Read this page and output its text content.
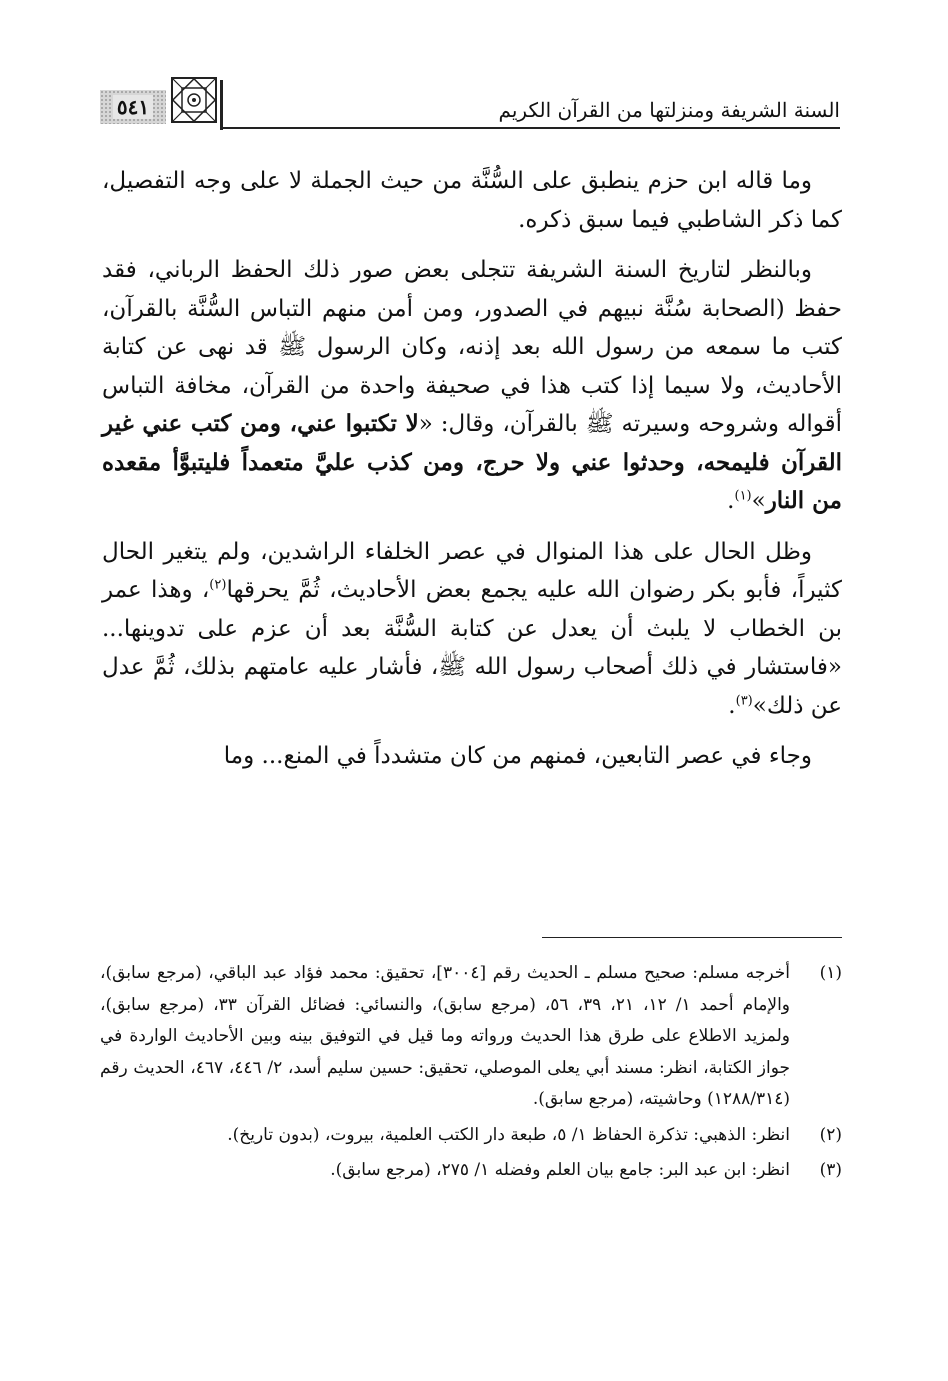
السنة الشريفة ومنزلتها من القرآن الكريم
٥٤١

وما قاله ابن حزم ينطبق على السُّنَّة من حيث الجملة لا على وجه التفصيل، كما ذكر الشاطبي فيما سبق ذكره.

وبالنظر لتاريخ السنة الشريفة تتجلى بعض صور ذلك الحفظ الرباني، فقد حفظ (الصحابة سُنَّة نبيهم في الصدور، ومن أمن منهم التباس السُّنَّة بالقرآن، كتب ما سمعه من رسول الله بعد إذنه، وكان الرسول ﷺ قد نهى عن كتابة الأحاديث، ولا سيما إذا كتب هذا في صحيفة واحدة من القرآن، مخافة التباس أقواله وشروحه وسيرته ﷺ بالقرآن، وقال: «لا تكتبوا عني، ومن كتب عني غير القرآن فليمحه، وحدثوا عني ولا حرج، ومن كذب عليَّ متعمداً فليتبوَّأ مقعده من النار»$^{(١)}$.

وظل الحال على هذا المنوال في عصر الخلفاء الراشدين، ولم يتغير الحال كثيراً، فأبو بكر رضوان الله عليه يجمع بعض الأحاديث، ثُمَّ يحرقها$^{(٢)}$، وهذا عمر بن الخطاب لا يلبث أن يعدل عن كتابة السُّنَّة بعد أن عزم على تدوينها... «فاستشار في ذلك أصحاب رسول الله ﷺ، فأشار عليه عامتهم بذلك، ثُمَّ عدل عن ذلك»$^{(٣)}$.

وجاء في عصر التابعين، فمنهم من كان متشدداً في المنع... وما

(١)
أخرجه مسلم: صحيح مسلم ـ الحديث رقم [٣٠٠٤]، تحقيق: محمد فؤاد عبد الباقي، (مرجع سابق)، والإمام أحمد ١/ ١٢، ٢١، ٣٩، ٥٦، (مرجع سابق)، والنسائي: فضائل القرآن ٣٣، (مرجع سابق)، ولمزيد الاطلاع على طرق هذا الحديث ورواته وما قيل في التوفيق بينه وبين الأحاديث الواردة في جواز الكتابة، انظر: مسند أبي يعلى الموصلي، تحقيق: حسين سليم أسد، ٢/ ٤٤٦، ٤٦٧، الحديث رقم (١٢٨٨/٣١٤) وحاشيته، (مرجع سابق).
(٢)
انظر: الذهبي: تذكرة الحفاظ ١/ ٥، طبعة دار الكتب العلمية، بيروت، (بدون تاريخ).
(٣)
انظر: ابن عبد البر: جامع بيان العلم وفضله ١/ ٢٧٥، (مرجع سابق).
